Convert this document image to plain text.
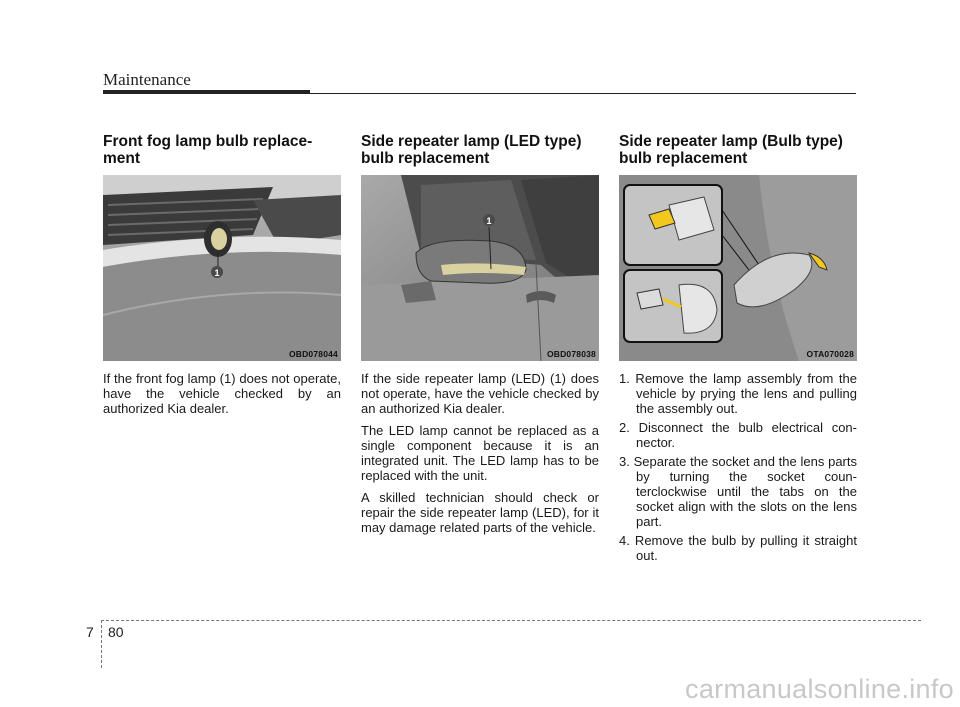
Maintenance
Front fog lamp bulb replace-ment
1
OBD078044

If the front fog lamp (1) does not operate, have the vehicle checked by an authorized Kia dealer.

Side repeater lamp (LED type) bulb replacement
1
OBD078038

If the side repeater lamp (LED) (1) does not operate, have the vehicle checked by an authorized Kia dealer.

The LED lamp cannot be replaced as a single component because it is an integrated unit. The LED lamp has to be replaced with the unit.

A skilled technician should check or repair the side repeater lamp (LED), for it may damage related parts of the vehicle.

Side repeater lamp (Bulb type) bulb replacement
OTA070028
1. Remove the lamp assembly from the vehicle by prying the lens and pulling the assembly out.
2. Disconnect the bulb electrical con-nector.
3. Separate the socket and the lens parts by turning the socket coun-terclockwise until the tabs on the socket align with the slots on the lens part.
4. Remove the bulb by pulling it straight out.
7 80
carmanualsonline.info
